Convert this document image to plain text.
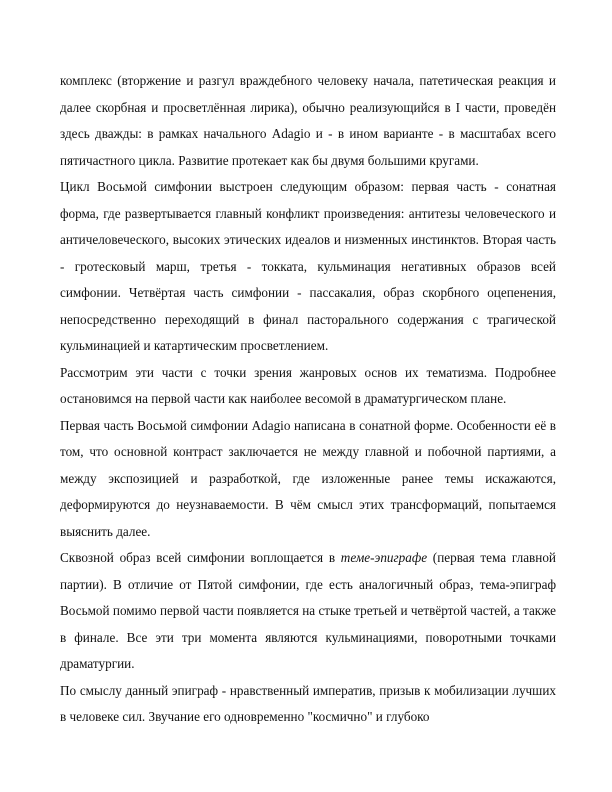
комплекс (вторжение и разгул враждебного человеку начала, патетическая реакция и далее скорбная и просветлённая лирика), обычно реализующийся в I части, проведён здесь дважды: в рамках начального Adagio и - в ином варианте - в масштабах всего пятичастного цикла. Развитие протекает как бы двумя большими кругами.

Цикл Восьмой симфонии выстроен следующим образом: первая часть - сонатная форма, где развертывается главный конфликт произведения: антитезы человеческого и античеловеческого, высоких этических идеалов и низменных инстинктов. Вторая часть - гротесковый марш, третья - токката, кульминация негативных образов всей симфонии. Четвёртая часть симфонии - пассакалия, образ скорбного оцепенения, непосредственно переходящий в финал пасторального содержания с трагической кульминацией и катартическим просветлением.

Рассмотрим эти части с точки зрения жанровых основ их тематизма. Подробнее остановимся на первой части как наиболее весомой в драматургическом плане.

Первая часть Восьмой симфонии Adagio написана в сонатной форме. Особенности её в том, что основной контраст заключается не между главной и побочной партиями, а между экспозицией и разработкой, где изложенные ранее темы искажаются, деформируются до неузнаваемости. В чём смысл этих трансформаций, попытаемся выяснить далее.

Сквозной образ всей симфонии воплощается в теме-эпиграфе (первая тема главной партии). В отличие от Пятой симфонии, где есть аналогичный образ, тема-эпиграф Восьмой помимо первой части появляется на стыке третьей и четвёртой частей, а также в финале. Все эти три момента являются кульминациями, поворотными точками драматургии.

По смыслу данный эпиграф - нравственный императив, призыв к мобилизации лучших в человеке сил. Звучание его одновременно "космично" и глубоко
